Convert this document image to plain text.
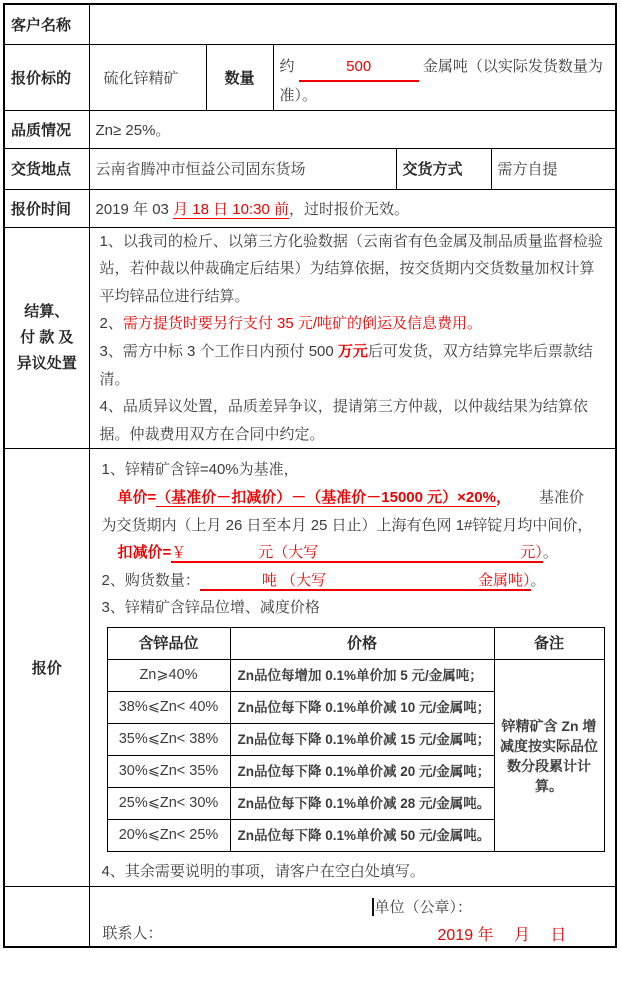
客户名称	
报价标的	硫化锌精矿	数量	约	500	金属吨（以实际发货数量为准）。
品质情况	Zn≥ 25%。
交货地点	云南省腾冲市恒益公司固东货场	交货方式	需方自提
报价时间	2019 年 03 月 18 日 10:30 前，过时报价无效。

结算、
付 款 及
异议处置

1、以我司的检斤、以第三方化验数据（云南省有色金属及制品质量监督检验站，若仲裁以仲裁确定后结果）为结算依据，按交货期内交货数量加权计算平均锌品位进行结算。

2、需方提货时要另行支付 35 元/吨矿的倒运及信息费用。

3、需方中标 3 个工作日内预付 500 万元后可发货，双方结算完毕后票款结清。

4、品质异议处置，品质差异争议，提请第三方仲裁，以仲裁结果为结算依据。仲裁费用双方在合同中约定。

报价	

1、锌精矿含锌=40%为基准，

单价=（基准价－扣减价）－（基准价－15000 元）×20%， 基准价

为交货期内（上月 26 日至本月 25 日止）上海有色网 1#锌锭月均中间价，

扣减价=￥	元（大写	元）。

2、购货数量：	吨 （大写	金属吨）。

3、锌精矿含锌品位增、减度价格

含锌品位	价格	备注
Zn⩾40%	Zn品位每增加 0.1%单价加 5 元/金属吨；	锌精矿含 Zn 增减度按实际品位数分段累计计算。
38%⩽Zn< 40%	Zn品位每下降 0.1%单价减 10 元/金属吨；
35%⩽Zn< 38%	Zn品位每下降 0.1%单价减 15 元/金属吨；
30%⩽Zn< 35%	Zn品位每下降 0.1%单价减 20 元/金属吨；
25%⩽Zn< 30%	Zn品位每下降 0.1%单价减 28 元/金属吨。
20%⩽Zn< 25%	Zn品位每下降 0.1%单价减 50 元/金属吨。

4、其余需要说明的事项，请客户在空白处填写。

单位（公章）：
联系人：	2019 年　 月　 日
